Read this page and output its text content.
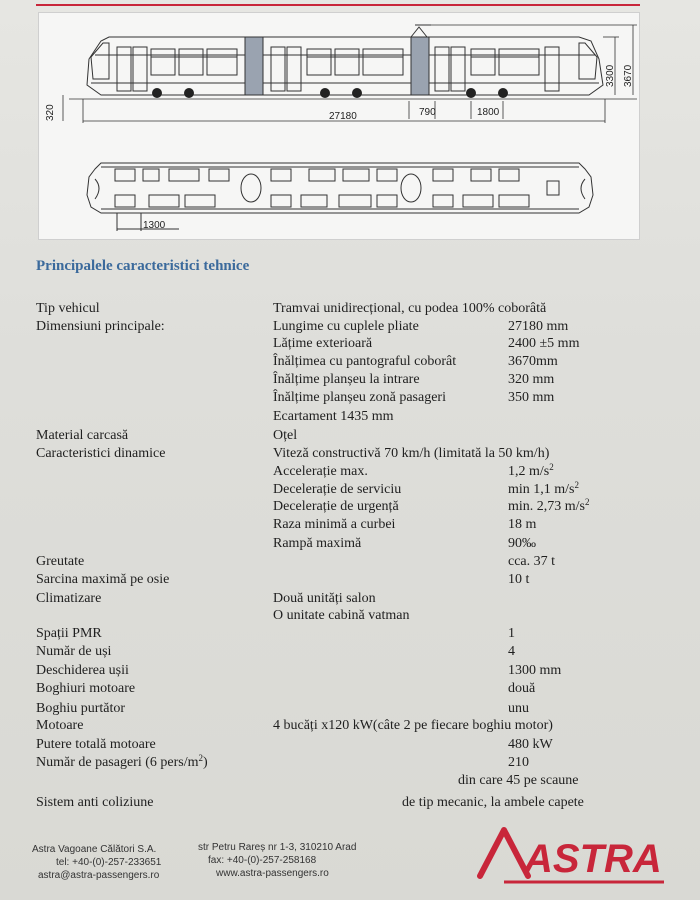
27180	790	1800
320
3300 3670
1300
Principalele caracteristici tehnice
Tip vehicul	Tramvai unidirecțional, cu podea 100% coborâtă
Dimensiuni principale:	Lungime cu cuplele pliate	27180 mm
Lățime exterioară	2400 ±5 mm
Înălțimea cu pantograful coborât	3670mm
Înălțime planșeu la intrare	320 mm
Înălțime planșeu zonă pasageri	350 mm
Ecartament 1435 mm
Material carcasă	Oțel
Caracteristici dinamice	Viteză constructivă 70 km/h (limitată la 50 km/h)
Accelerație max.	1,2 $m/s^2$
Decelerație de serviciu	min 1,1 $m/s^2$
Decelerație de urgență	min. 2,73 $m/s^2$
Raza minimă a curbei	18 m
Rampă maximă	90‰
Greutate	cca. 37 t
Sarcina maximă pe osie	10 t
Climatizare	Două unități salon
O unitate cabină vatman
Spații PMR	1
Număr de uși	4
Deschiderea ușii	1300 mm
Boghiuri motoare	două
Boghiu purtător	unu
Motoare	4 bucăți x120 kW(câte 2 pe fiecare boghiu motor)
Putere totală motoare	480 kW
Număr de pasageri (6 pers/$m^2$)	210
din care 45 pe scaune
Sistem anti coliziune	de tip mecanic, la ambele capete
Astra Vagoane Călători S.A.
tel: +40-(0)-257-233651
astra@astra-passengers.ro
str Petru Rareș nr 1-3, 310210 Arad
fax: +40-(0)-257-258168
www.astra-passengers.ro	ASTRA
